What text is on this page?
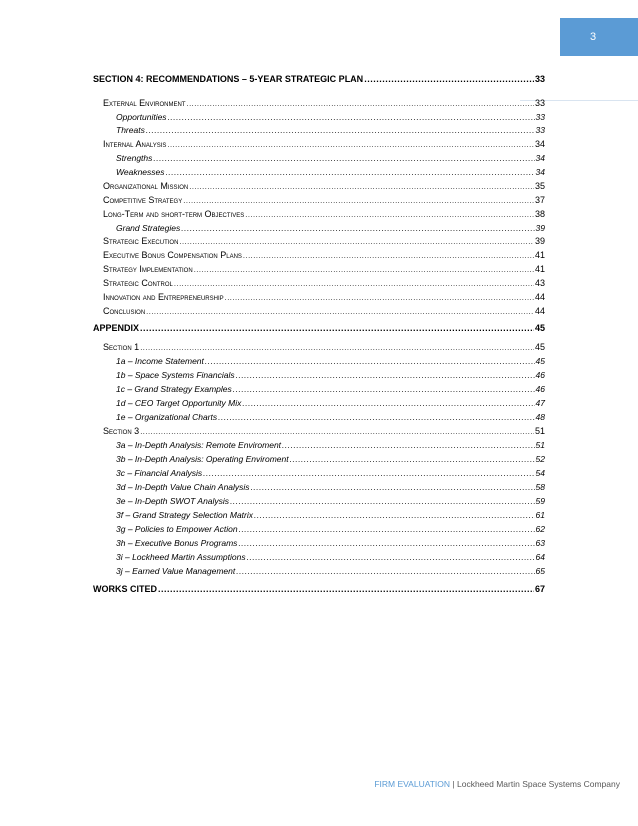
3
SECTION 4: RECOMMENDATIONS – 5-YEAR STRATEGIC PLAN .....	33
External Environment .....	33
Opportunities .....	33
Threats .....	33
Internal Analysis .....	34
Strengths .....	34
Weaknesses .....	34
Organizational Mission .....	35
Competitive Strategy .....	37
Long-Term and short-term Objectives .....	38
Grand Strategies .....	39
Strategic Execution .....	39
Executive Bonus Compensation Plans .....	41
Strategy Implementation .....	41
Strategic Control .....	43
Innovation and Entrepreneurship .....	44
Conclusion .....	44
APPENDIX .....	45
Section 1 .....	45
1a – Income Statement .....	45
1b – Space Systems Financials .....	46
1c – Grand Strategy Examples .....	46
1d – CEO Target Opportunity Mix .....	47
1e – Organizational Charts .....	48
Section 3 .....	51
3a – In-Depth Analysis: Remote Enviroment .....	51
3b – In-Depth Analysis: Operating Enviroment .....	52
3c – Financial Analysis .....	54
3d – In-Depth Value Chain Analysis .....	58
3e – In-Depth SWOT Analysis .....	59
3f – Grand Strategy Selection Matrix .....	61
3g – Policies to Empower Action .....	62
3h – Executive Bonus Programs .....	63
3i – Lockheed Martin Assumptions .....	64
3j – Earned Value Management .....	65
WORKS CITED .....	67
FIRM EVALUATION | Lockheed Martin Space Systems Company
